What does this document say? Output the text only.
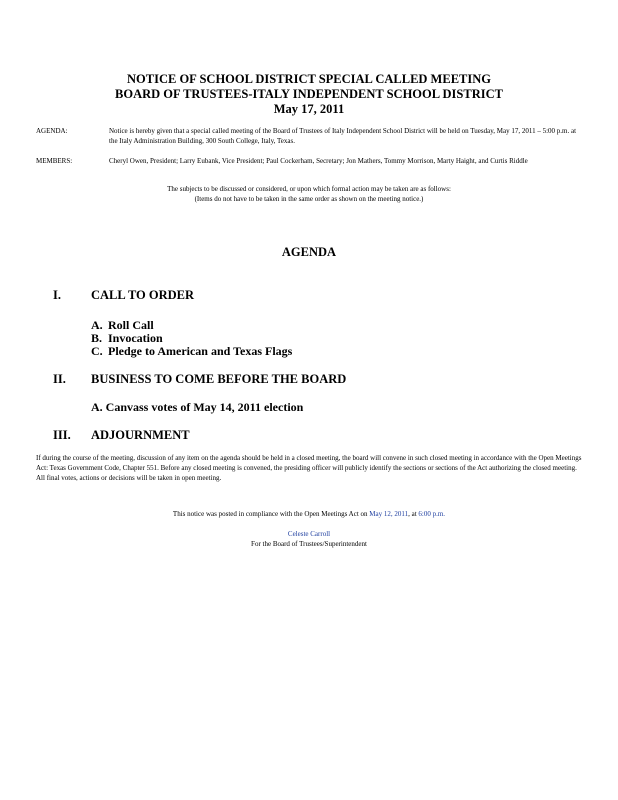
NOTICE OF SCHOOL DISTRICT SPECIAL CALLED MEETING
BOARD OF TRUSTEES-ITALY INDEPENDENT SCHOOL DISTRICT
May 17, 2011
AGENDA:	Notice is hereby given that a special called meeting of the Board of Trustees of Italy Independent School District will be held on Tuesday, May 17, 2011 – 5:00 p.m. at the Italy Administration Building, 300 South College, Italy, Texas.
MEMBERS:	Cheryl Owen, President; Larry Eubank, Vice President; Paul Cockerham, Secretary; Jon Mathers, Tommy Morrison, Marty Haight, and Curtis Riddle
The subjects to be discussed or considered, or upon which formal action may be taken are as follows:
(Items do not have to be taken in the same order as shown on the meeting notice.)
AGENDA
I. CALL TO ORDER
A. Roll Call
B. Invocation
C. Pledge to American and Texas Flags
II. BUSINESS TO COME BEFORE THE BOARD
A. Canvass votes of May 14, 2011 election
III. ADJOURNMENT
If during the course of the meeting, discussion of any item on the agenda should be held in a closed meeting, the board will convene in such closed meeting in accordance with the Open Meetings Act: Texas Government Code, Chapter 551. Before any closed meeting is convened, the presiding officer will publicly identify the sections or sections of the Act authorizing the closed meeting. All final votes, actions or decisions will be taken in open meeting.
This notice was posted in compliance with the Open Meetings Act on May 12, 2011, at 6:00 p.m.
Celeste Carroll
For the Board of Trustees/Superintendent
